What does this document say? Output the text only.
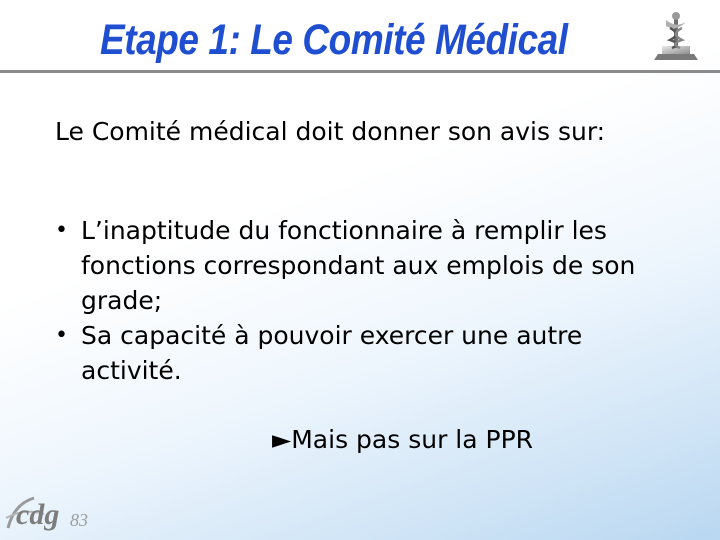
Etape 1: Le Comité Médical
Le Comité médical doit donner son avis sur:
• L’inaptitude du fonctionnaire à remplir les fonctions correspondant aux emplois de son grade;
• Sa capacité à pouvoir exercer une autre activité.
►Mais pas sur la PPR
cdg 83
